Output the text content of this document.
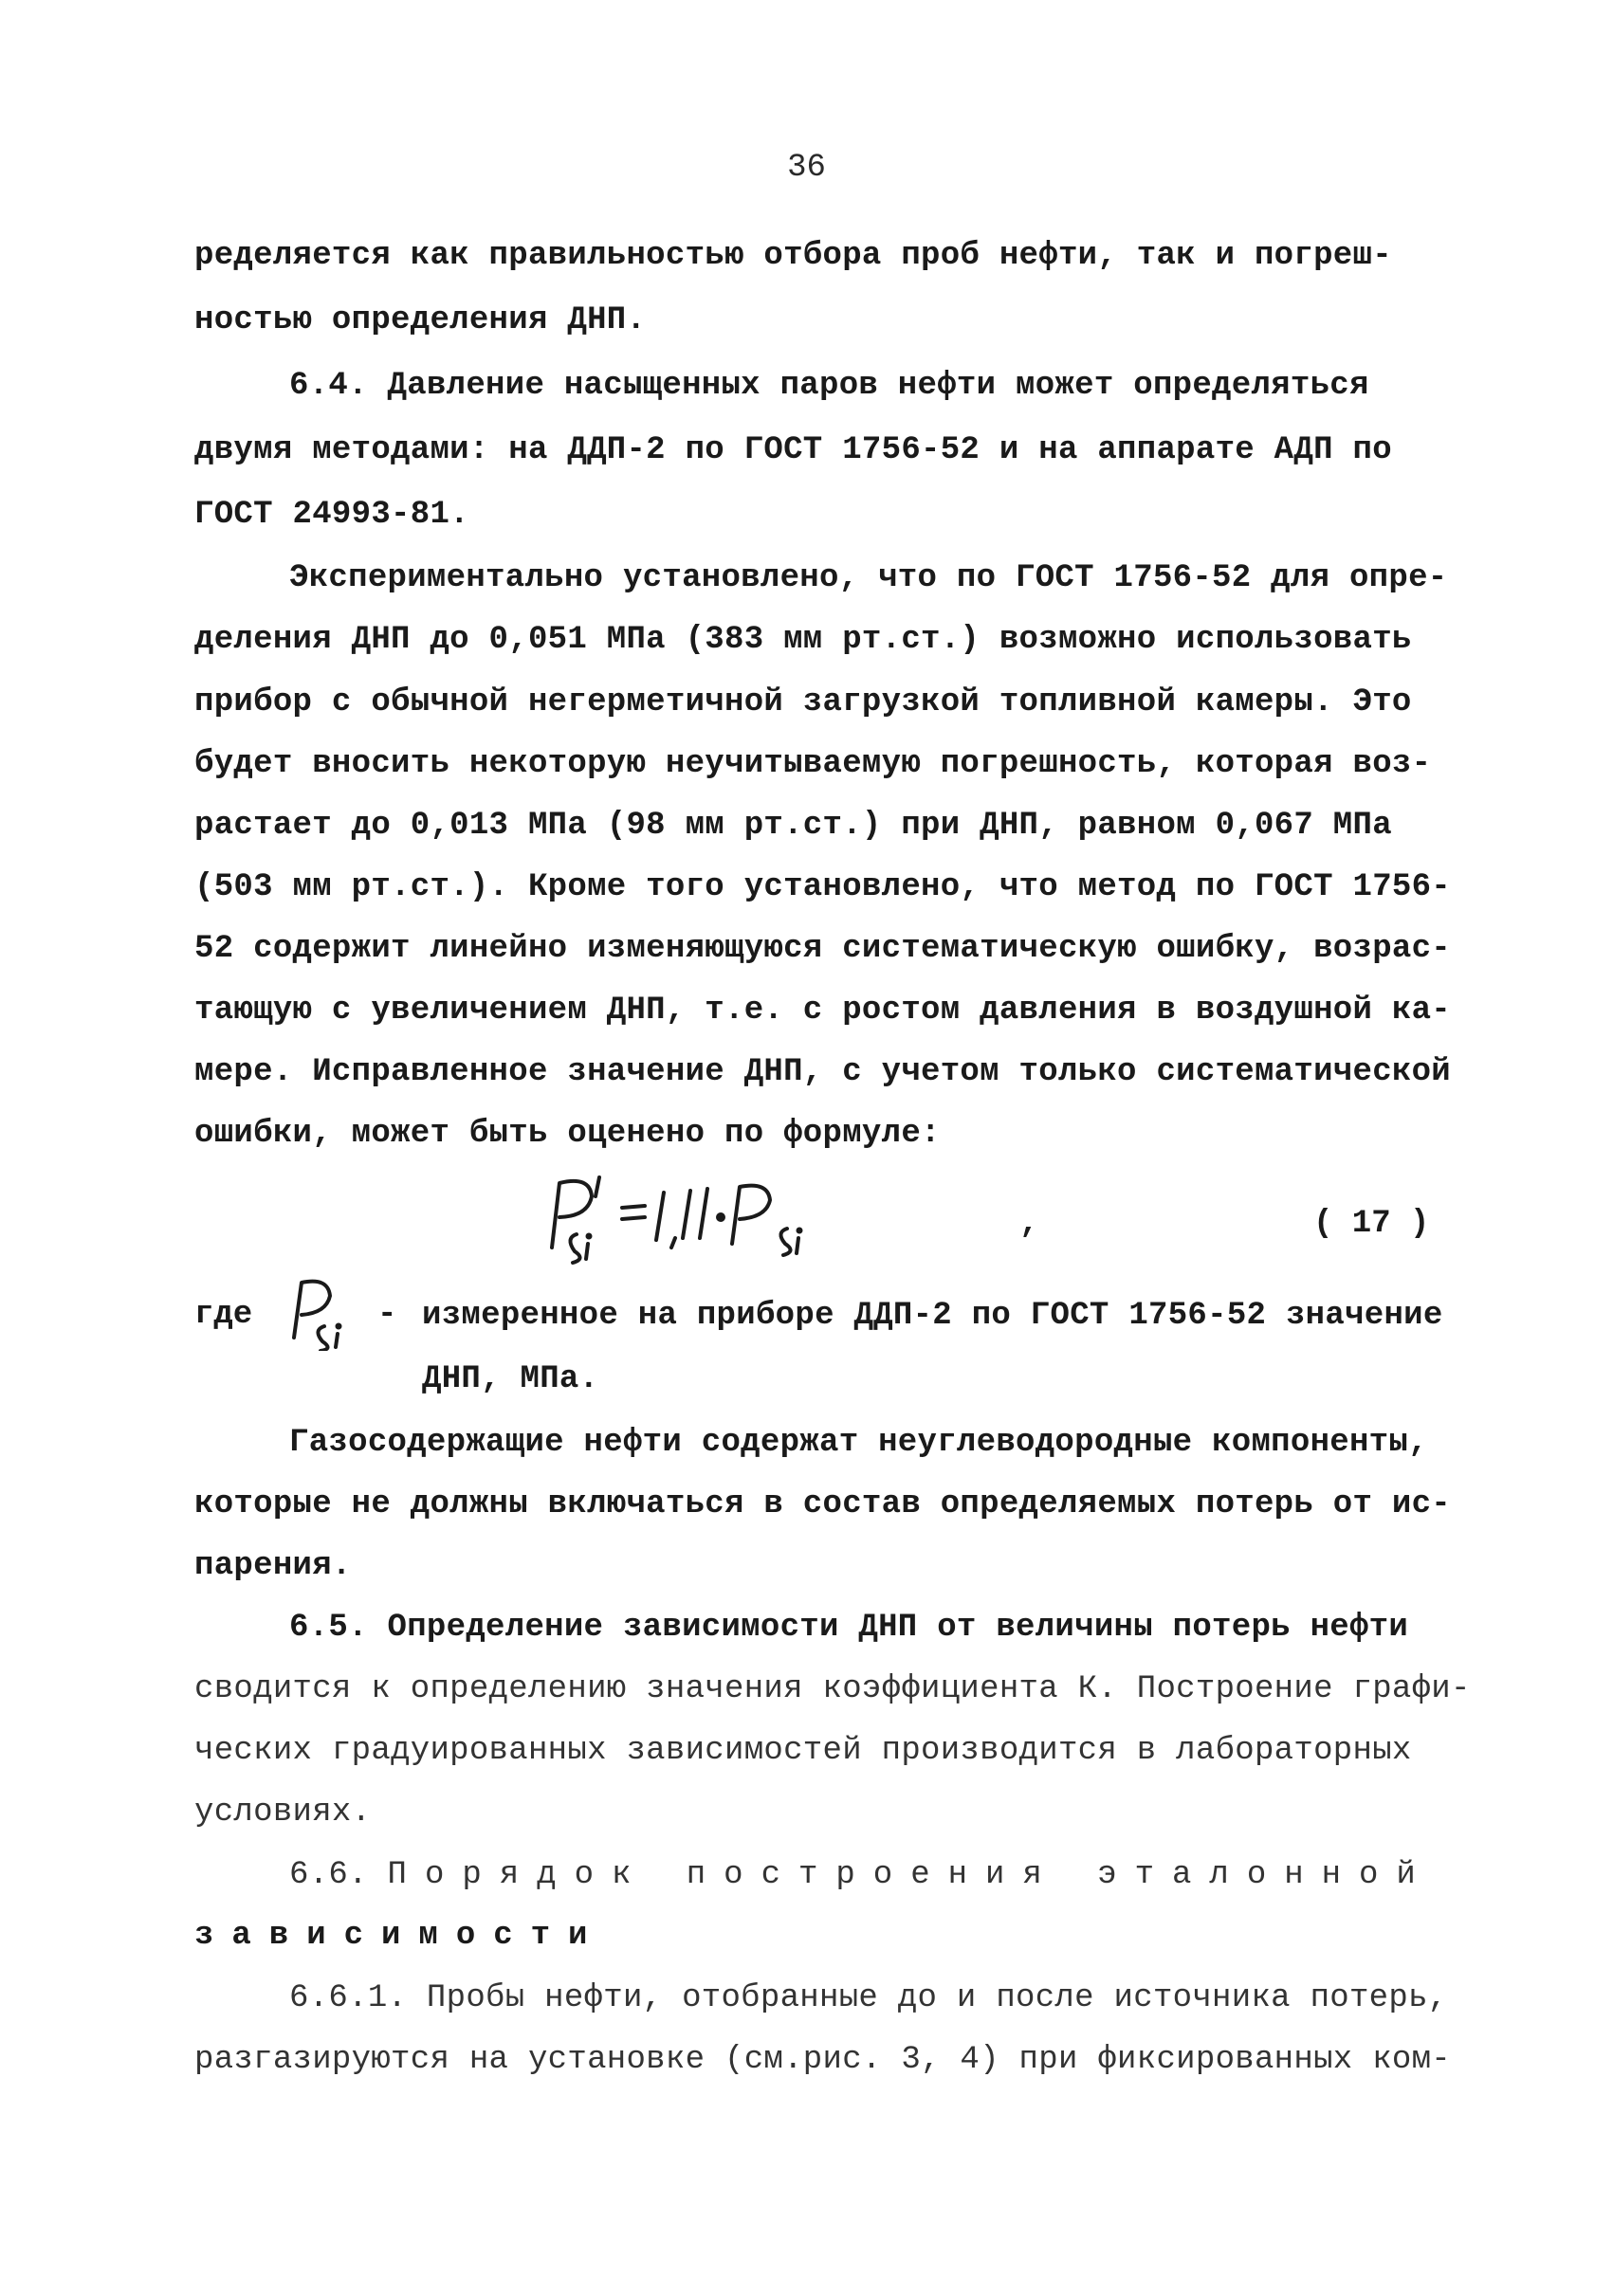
36
ределяется как правильностью отбора проб нефти, так и погреш-
ностью определения ДНП.
6.4. Давление насыщенных паров нефти может определяться
двумя методами: на ДДП-2 по ГОСТ 1756-52 и на аппарате АДП по
ГОСТ 24993-81.
Экспериментально установлено, что по ГОСТ 1756-52 для опре-
деления ДНП до 0,051 МПа (383 мм рт.ст.) возможно использовать
прибор с обычной негерметичной загрузкой топливной камеры. Это
будет вносить некоторую неучитываемую погрешность, которая воз-
растает до 0,013 МПа (98 мм рт.ст.) при ДНП, равном 0,067 МПа
(503 мм рт.ст.). Кроме того установлено, что метод по ГОСТ 1756-
52 содержит линейно изменяющуюся систематическую ошибку, возрас-
тающую с увеличением ДНП, т.е. с ростом давления в воздушной ка-
мере. Исправленное значение ДНП, с учетом только систематической
ошибки, может быть оценено по формуле:
,	( 17 )
где	- измеренное на приборе ДДП-2 по ГОСТ 1756-52 значение
ДНП, МПа.
Газосодержащие нефти содержат неуглеводородные компоненты,
которые не должны включаться в состав определяемых потерь от ис-
парения.
6.5. Определение зависимости ДНП от величины потерь нефти
сводится к определению значения коэффициента К. Построение графи-
ческих градуированных зависимостей производится в лабораторных
условиях.
6.6. Порядок построения эталонной
зависимости
6.6.1. Пробы нефти, отобранные до и после источника потерь,
разгазируются на установке (см.рис. 3, 4) при фиксированных ком-
